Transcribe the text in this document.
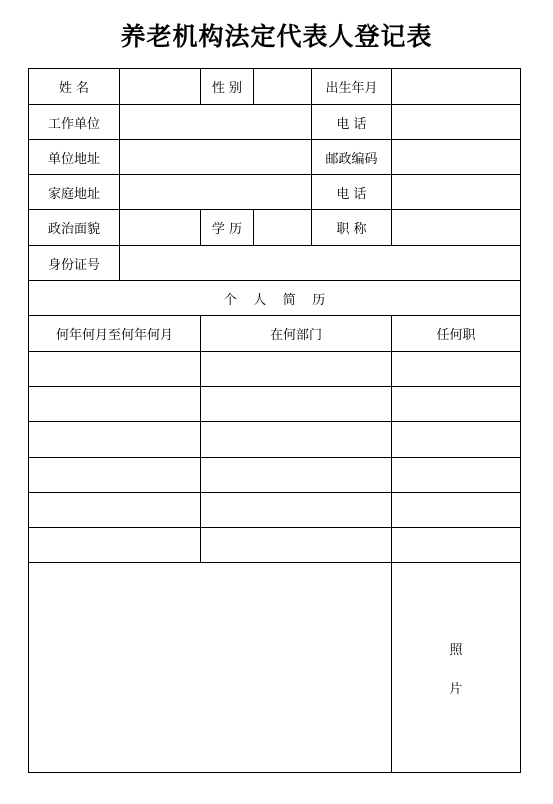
养老机构法定代表人登记表
姓 名		性 别		出生年月	
工作单位				电 话	
单位地址				邮政编码	
家庭地址				电 话	
政治面貌		学 历		职 称	
身份证号					
个    人    简    历					
何年何月至何年何月		在何部门			任何职

					照
片
